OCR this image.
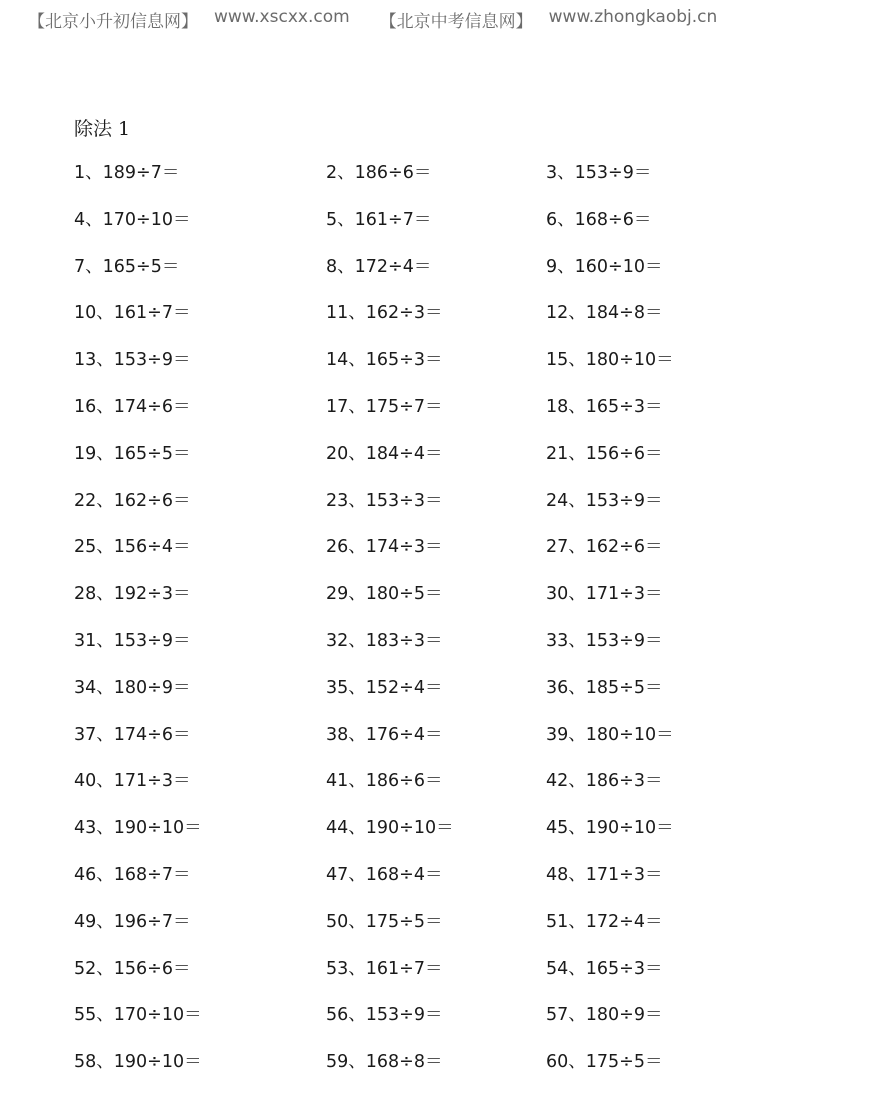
【北京小升初信息网】 www.xscxx.com 【北京中考信息网】 www.zhongkaobj.cn
除法 1
1、189÷7＝	2、186÷6＝	3、153÷9＝
4、170÷10＝	5、161÷7＝	6、168÷6＝
7、165÷5＝	8、172÷4＝	9、160÷10＝
10、161÷7＝	11、162÷3＝	12、184÷8＝
13、153÷9＝	14、165÷3＝	15、180÷10＝
16、174÷6＝	17、175÷7＝	18、165÷3＝
19、165÷5＝	20、184÷4＝	21、156÷6＝
22、162÷6＝	23、153÷3＝	24、153÷9＝
25、156÷4＝	26、174÷3＝	27、162÷6＝
28、192÷3＝	29、180÷5＝	30、171÷3＝
31、153÷9＝	32、183÷3＝	33、153÷9＝
34、180÷9＝	35、152÷4＝	36、185÷5＝
37、174÷6＝	38、176÷4＝	39、180÷10＝
40、171÷3＝	41、186÷6＝	42、186÷3＝
43、190÷10＝	44、190÷10＝	45、190÷10＝
46、168÷7＝	47、168÷4＝	48、171÷3＝
49、196÷7＝	50、175÷5＝	51、172÷4＝
52、156÷6＝	53、161÷7＝	54、165÷3＝
55、170÷10＝	56、153÷9＝	57、180÷9＝
58、190÷10＝	59、168÷8＝	60、175÷5＝
